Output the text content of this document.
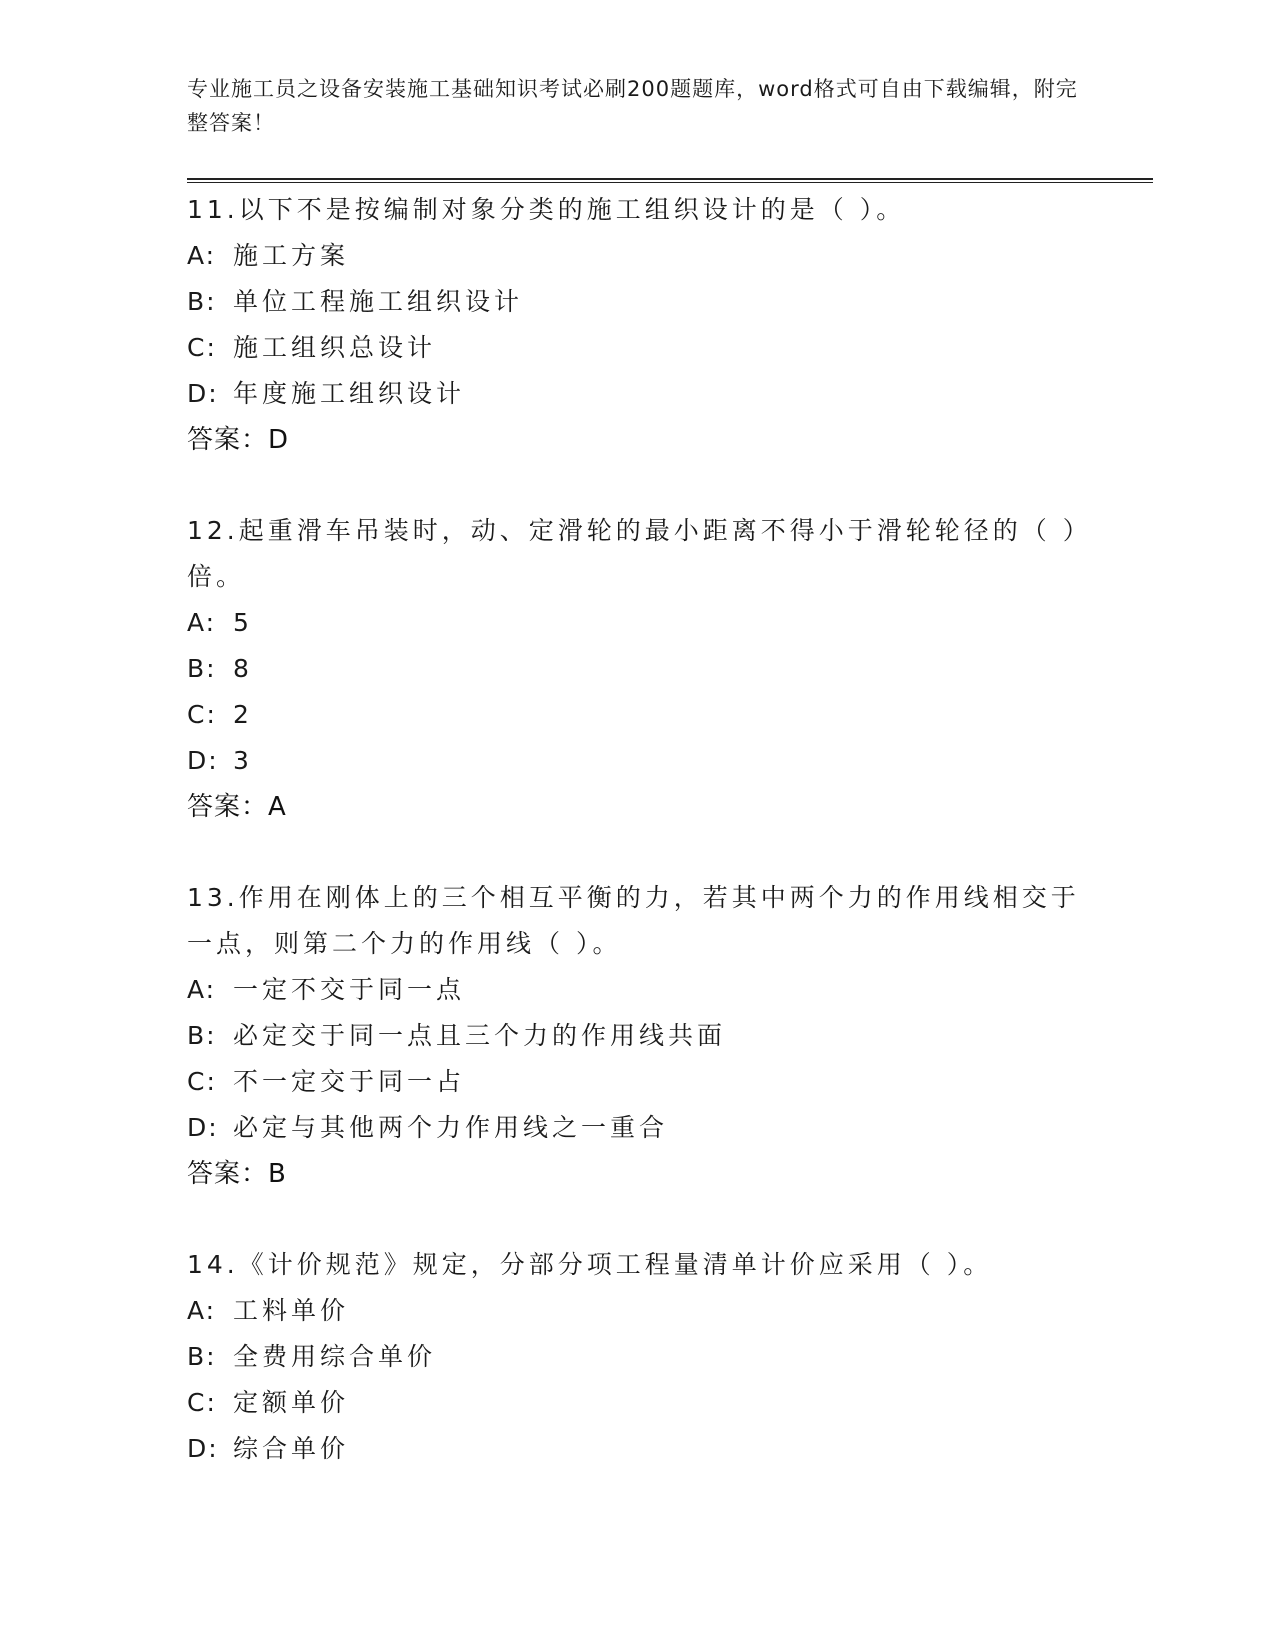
专业施工员之设备安装施工基础知识考试必刷200题题库，word格式可自由下载编辑，附完整答案！
11.以下不是按编制对象分类的施工组织设计的是（ ）。
A: 施工方案
B: 单位工程施工组织设计
C: 施工组织总设计
D: 年度施工组织设计
答案：D
12.起重滑车吊装时，动、定滑轮的最小距离不得小于滑轮轮径的（ ）倍。
A: 5
B: 8
C: 2
D: 3
答案：A
13.作用在刚体上的三个相互平衡的力，若其中两个力的作用线相交于一点，则第二个力的作用线（ ）。
A: 一定不交于同一点
B: 必定交于同一点且三个力的作用线共面
C: 不一定交于同一占
D: 必定与其他两个力作用线之一重合
答案：B
14.《计价规范》规定，分部分项工程量清单计价应采用（ ）。
A: 工料单价
B: 全费用综合单价
C: 定额单价
D: 综合单价
